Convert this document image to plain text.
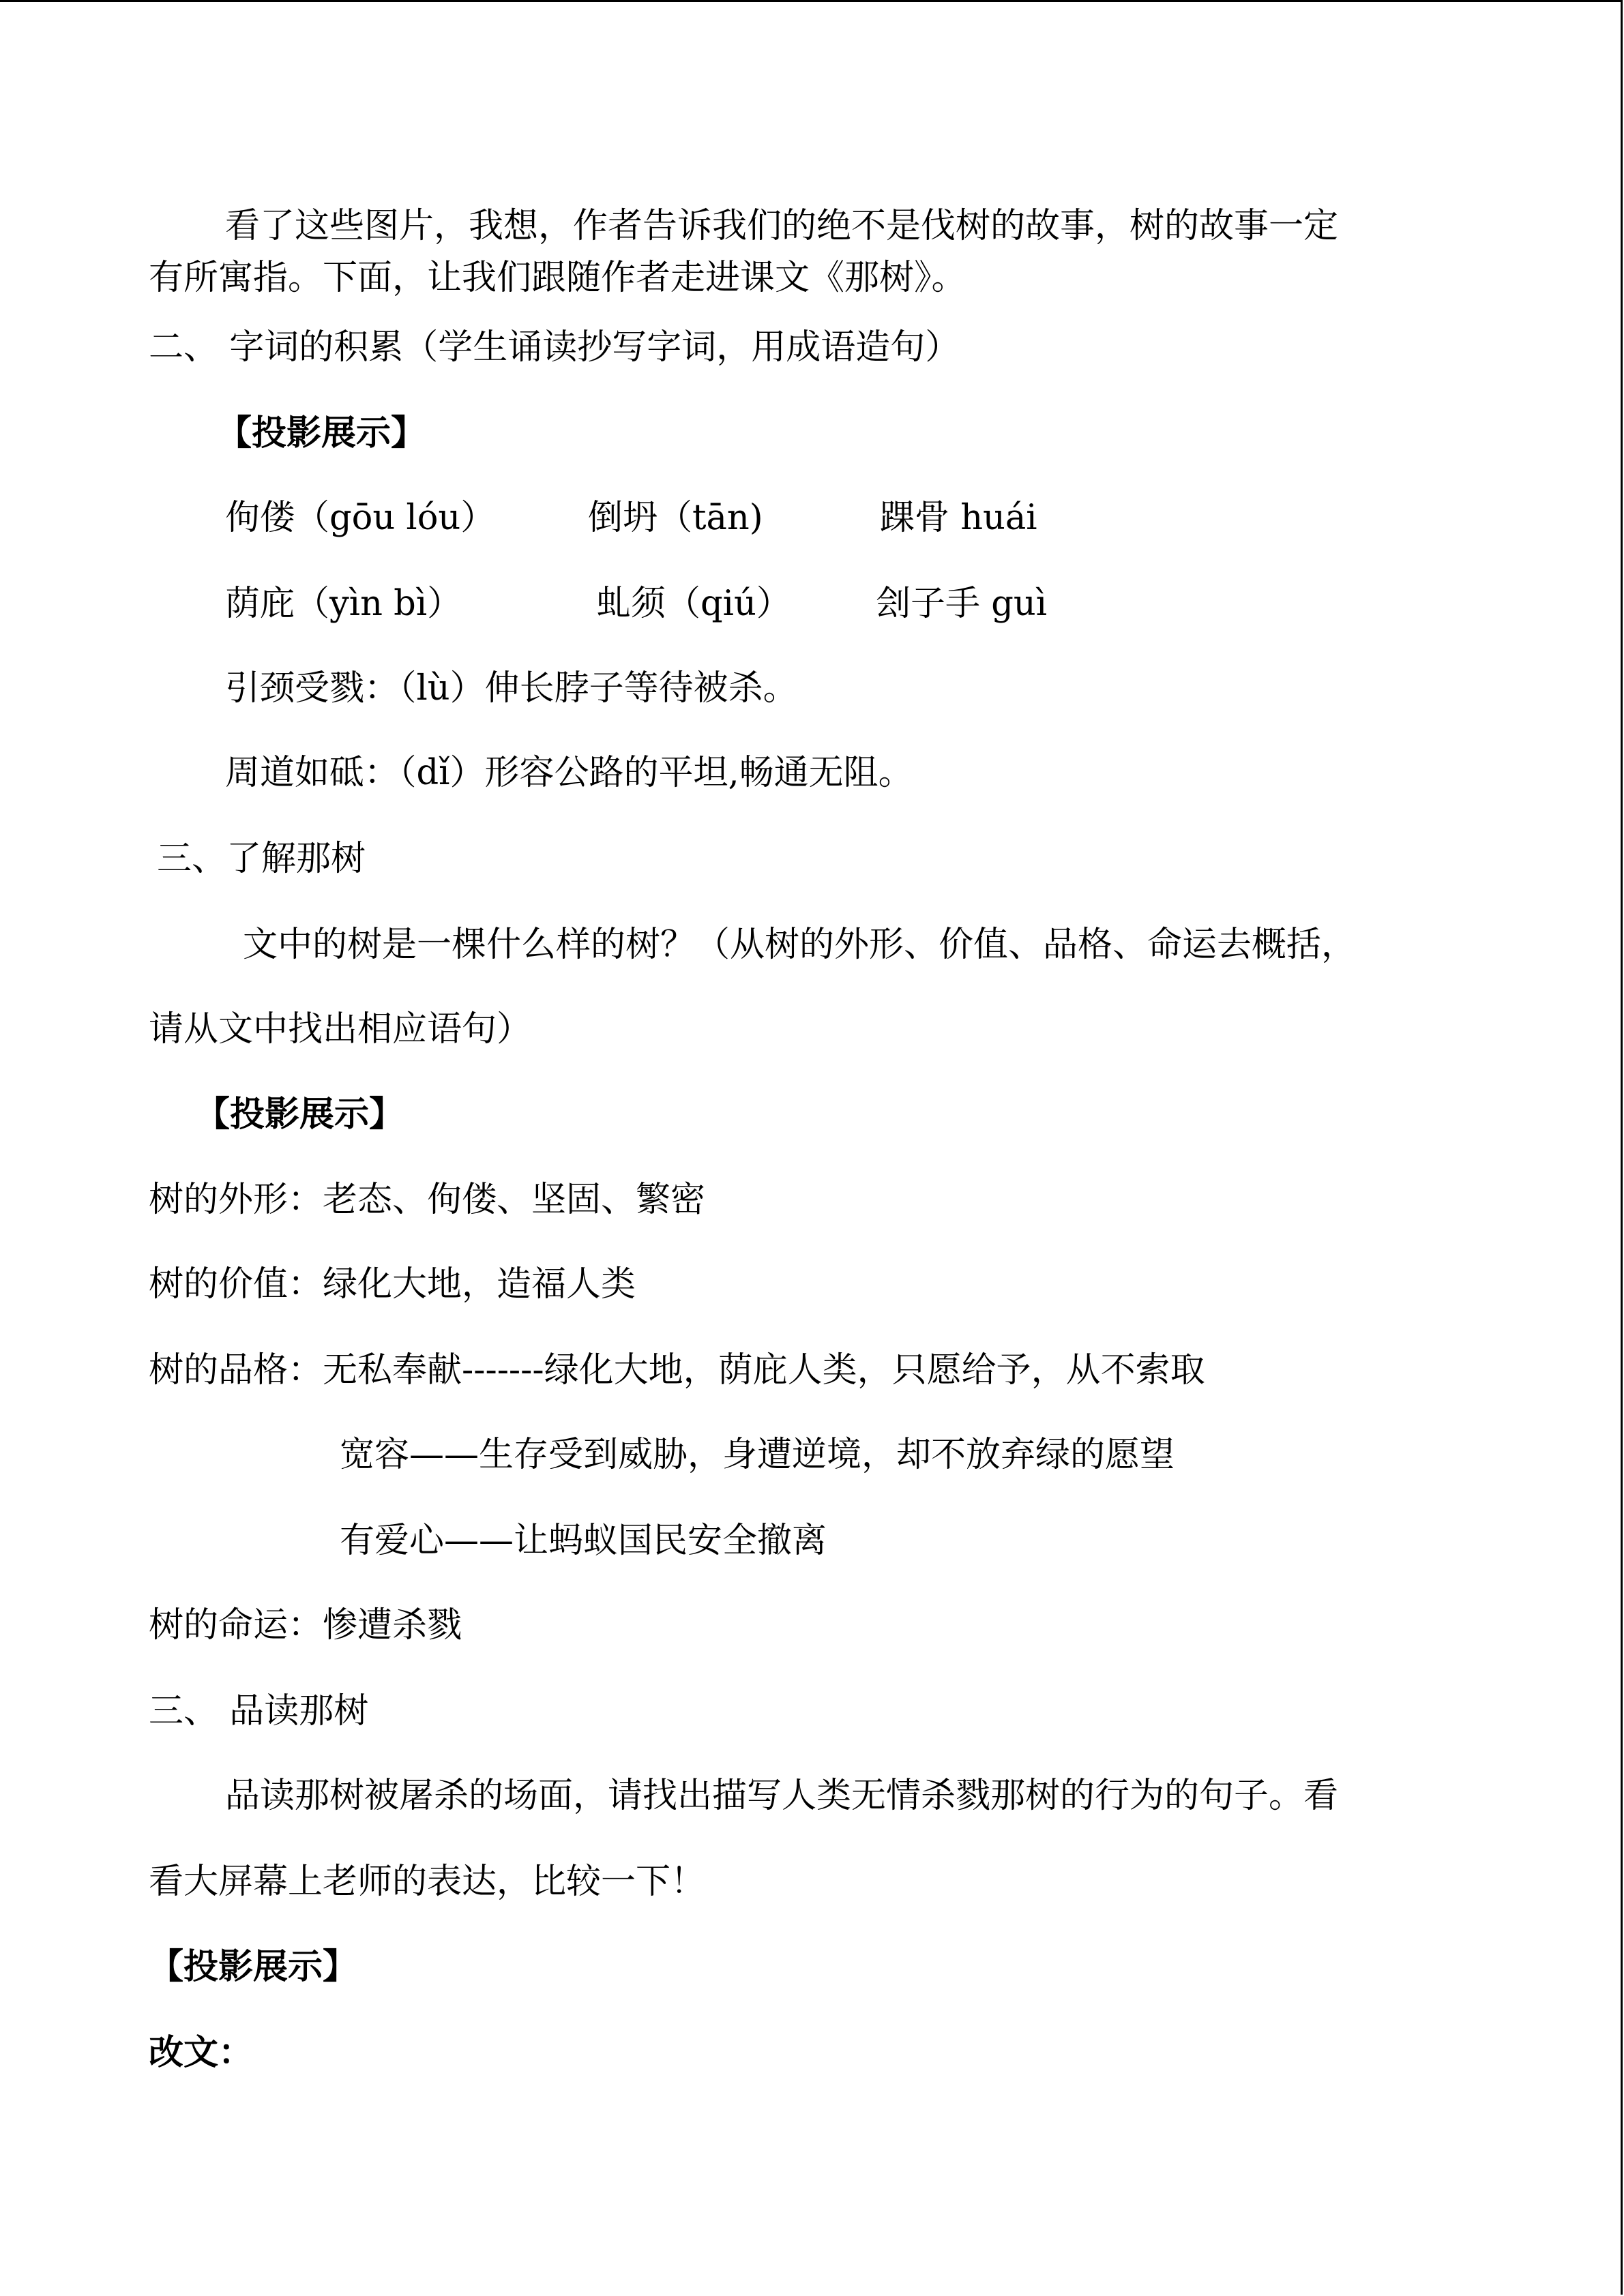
看了这些图片，我想，作者告诉我们的绝不是伐树的故事，树的故事一定
有所寓指。下面，让我们跟随作者走进课文《那树》。
二、 字词的积累（学生诵读抄写字词，用成语造句）
【投影展示】
佝偻（gōu lóu）	倒坍（tān)	踝骨 huái
荫庇（yìn bì）	虬须（qiú） 刽子手 guì
引颈受戮：（lù）伸长脖子等待被杀。
周道如砥：（dǐ）形容公路的平坦,畅通无阻。
三、了解那树
文中的树是一棵什么样的树？（从树的外形、价值、品格、命运去概括，
请从文中找出相应语句）
【投影展示】
树的外形：老态、佝偻、坚固、繁密
树的价值：绿化大地，造福人类
树的品格：无私奉献-------绿化大地，荫庇人类，只愿给予，从不索取
宽容——生存受到威胁，身遭逆境，却不放弃绿的愿望
有爱心——让蚂蚁国民安全撤离
树的命运：惨遭杀戮
三、 品读那树
品读那树被屠杀的场面，请找出描写人类无情杀戮那树的行为的句子。看
看大屏幕上老师的表达，比较一下！
【投影展示】
改文：
